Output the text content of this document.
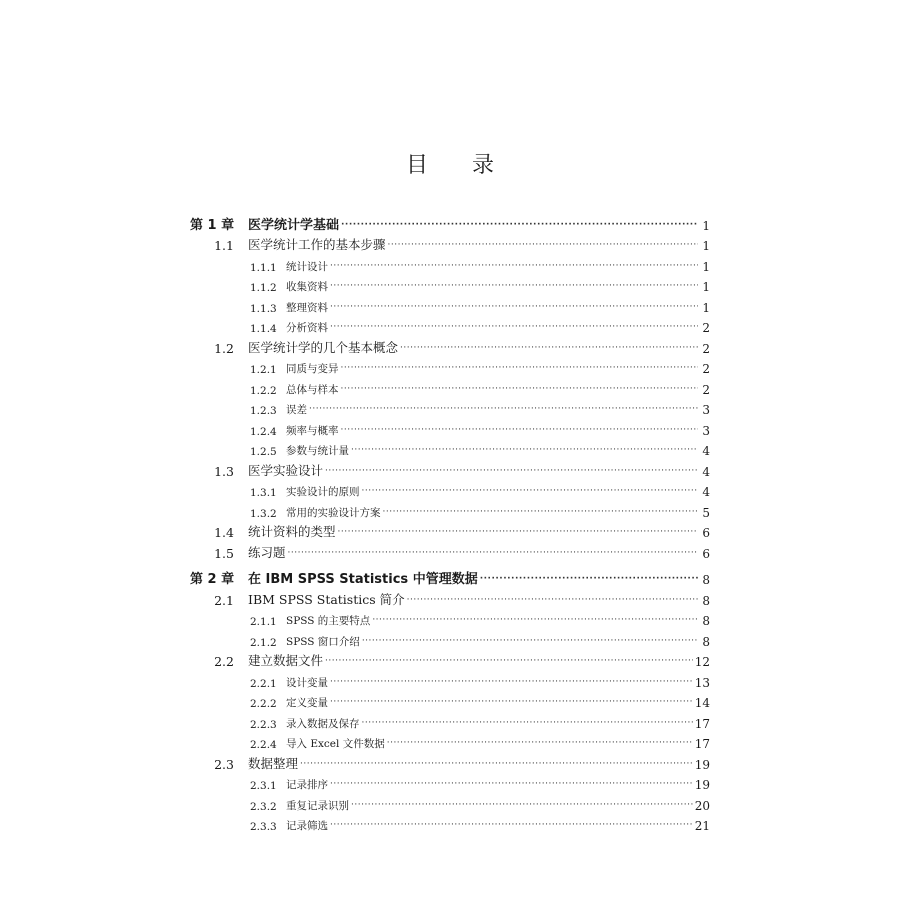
目 录
第 1 章	医学统计学基础 ·····	1
1.1	医学统计工作的基本步骤 ·····	1
1.1.1 统计设计 ·····	1
1.1.2 收集资料 ·····	1
1.1.3 整理资料 ·····	1
1.1.4 分析资料 ·····	2
1.2	医学统计学的几个基本概念 ·····	2
1.2.1 同质与变异 ·····	2
1.2.2 总体与样本 ·····	2
1.2.3 误差 ·····	3
1.2.4 频率与概率 ·····	3
1.2.5 参数与统计量 ·····	4
1.3	医学实验设计 ·····	4
1.3.1 实验设计的原则 ·····	4
1.3.2 常用的实验设计方案 ·····	5
1.4	统计资料的类型 ·····	6
1.5	练习题 ·····	6
第 2 章	在 IBM SPSS Statistics 中管理数据 ·····	8
2.1	IBM SPSS Statistics 简介 ·····	8
2.1.1 SPSS 的主要特点 ·····	8
2.1.2 SPSS 窗口介绍 ·····	8
2.2	建立数据文件 ·····	12
2.2.1 设计变量 ·····	13
2.2.2 定义变量 ·····	14
2.2.3 录入数据及保存 ·····	17
2.2.4 导入 Excel 文件数据 ·····	17
2.3	数据整理 ·····	19
2.3.1 记录排序 ·····	19
2.3.2 重复记录识别 ·····	20
2.3.3 记录筛选 ·····	21
